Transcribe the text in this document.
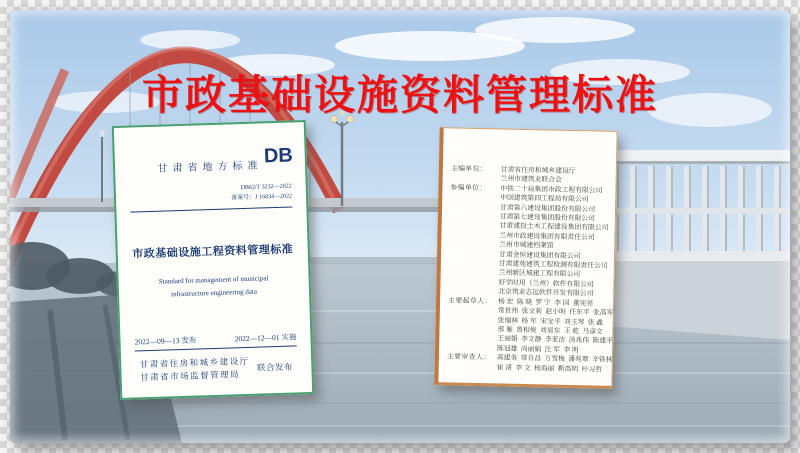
市政基础设施资料管理标准
甘肃省地方标准
DB
DB62/T 3232—2022
备案号：J 16834—2022
市政基础设施工程资料管理标准
Standard for management of municipal
infrastructure engineering data
2022—09—13 发布	2022—12—01 实施
甘肃省住房和城乡建设厅
甘肃省市场监督管理局
联合发布
主编单位：	甘肃省住房和城乡建设厅
兰州市建筑业联合会
参编单位：	中铁二十局集团市政工程有限公司
中国建筑第四工程局有限公司
甘肃第六建设集团股份有限公司
甘肃第七建设集团股份有限公司
甘肃建投土木工程建设集团有限公司
兰州市政建设集团有限责任公司
兰州市城建档案馆
甘肃金恒建设集团有限公司
甘肃建苑建筑工程检测有限责任公司
兰州新区城建工程有限公司
好学时用（兰州）软件有限公司
北京筑业志远软件开发有限公司
主要起草人： 杨 宏  陈 晓  罗 宁  李 国  董宪亮
常世伟  张文莉  赵小明  任东平  张高军
张瑞林  杨 军  宋宝平  刘玉琴  张 鑫
邢 雁  鲁相俊  刘昊东  王 乾  马彦文
王丽娟  李文静  李亚洁  汤兆伟  陈建平
陈冠雄  尚丽娟  汪 军  李 明
主要审查人： 高建务  常自昌  万雪梅  潘兆翠  辛铁林
崔 清  李 文  杨海丽  靳高明  叶习哲
